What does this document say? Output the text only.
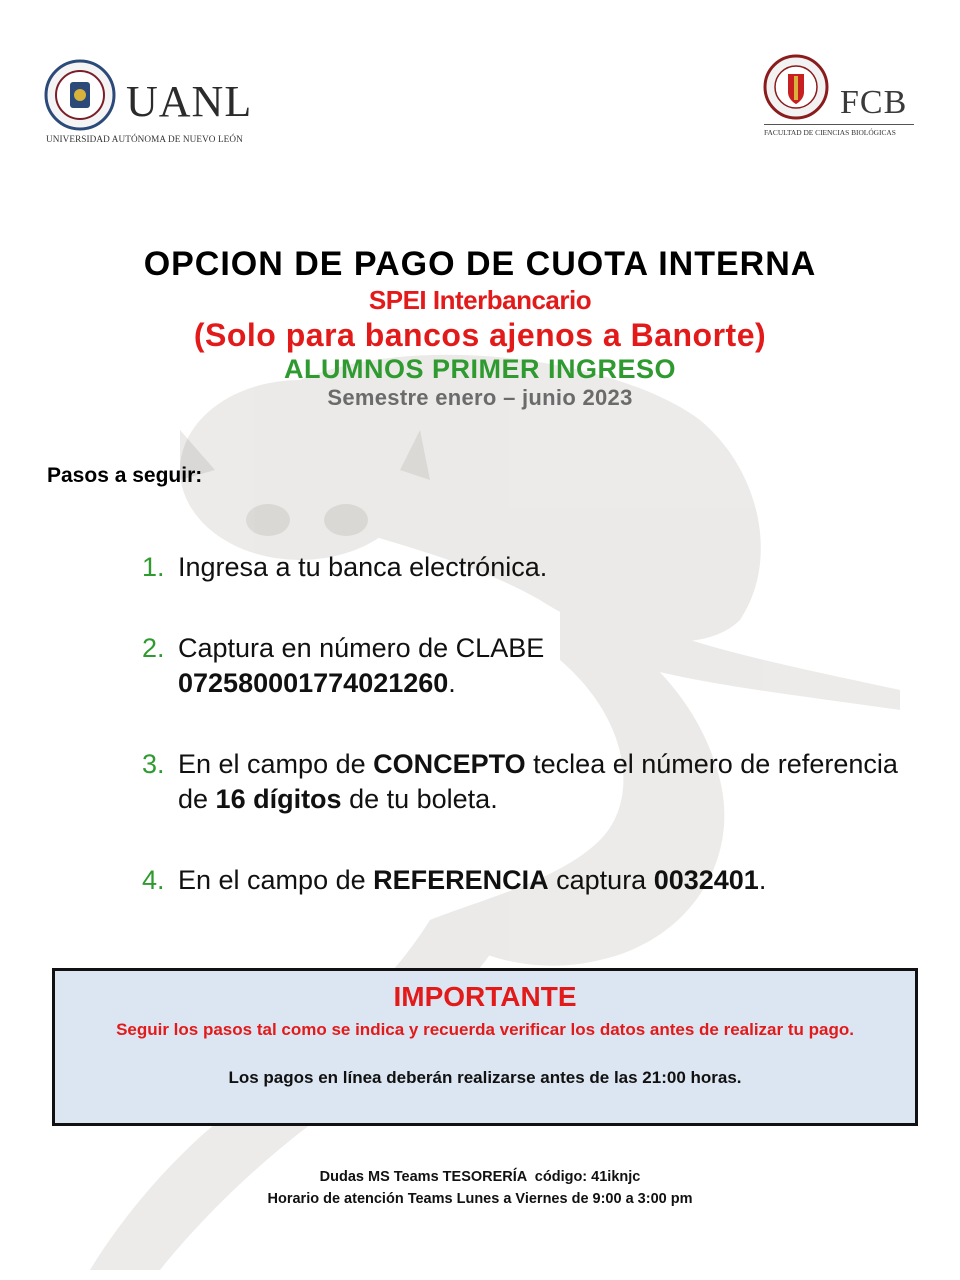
UANL
UNIVERSIDAD AUTÓNOMA DE NUEVO LEÓN
FCB
FACULTAD DE CIENCIAS BIOLÓGICAS
OPCION DE PAGO DE CUOTA INTERNA
SPEI Interbancario
(Solo para bancos ajenos a Banorte)
ALUMNOS PRIMER INGRESO
Semestre enero – junio 2023
Pasos a seguir:
1. Ingresa a tu banca electrónica.
2. Captura en número de CLABE
072580001774021260.
3. En el campo de CONCEPTO teclea el número de referencia de 16 dígitos de tu boleta.
4. En el campo de REFERENCIA captura 0032401.
IMPORTANTE
Seguir los pasos tal como se indica y recuerda verificar los datos antes de realizar tu pago.
Los pagos en línea deberán realizarse antes de las 21:00 horas.
Dudas MS Teams TESORERÍA  código: 41iknjc
Horario de atención Teams Lunes a Viernes de 9:00 a 3:00 pm
